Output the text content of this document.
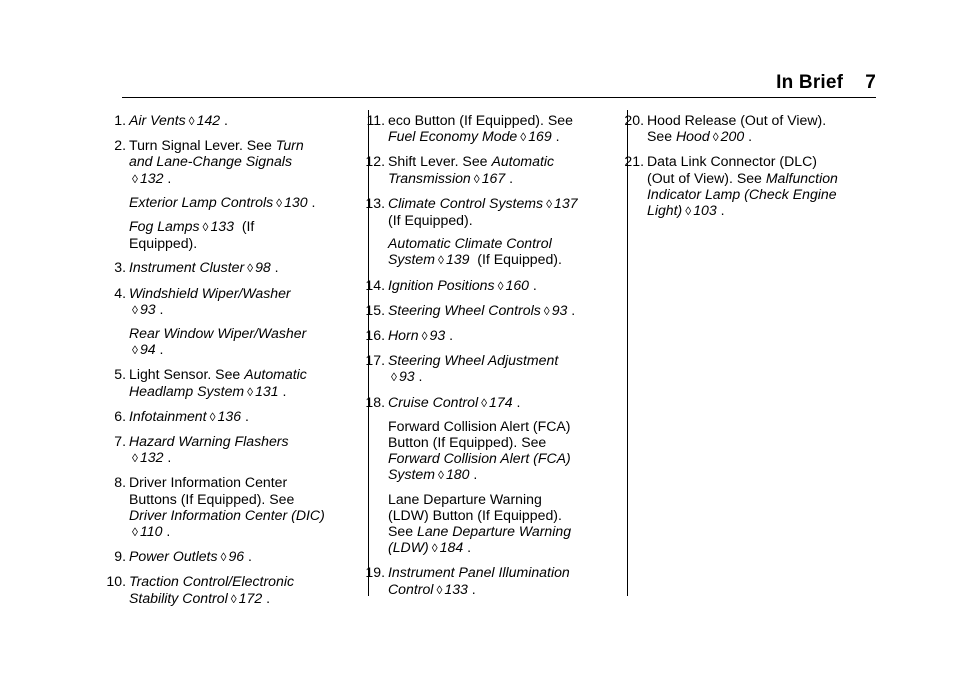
In Brief 7
1. Air Vents ◊ 142 .
2. Turn Signal Lever. See Turn
and Lane-Change Signals
◊ 132 .
Exterior Lamp Controls ◊ 130 .
Fog Lamps ◊ 133 (If
Equipped).
3. Instrument Cluster ◊ 98 .
4. Windshield Wiper/Washer
◊ 93 .
Rear Window Wiper/Washer
◊ 94 .
5. Light Sensor. See Automatic
Headlamp System ◊ 131 .
6. Infotainment ◊ 136 .
7. Hazard Warning Flashers
◊ 132 .
8. Driver Information Center
Buttons (If Equipped). See
Driver Information Center (DIC)
◊ 110 .
9. Power Outlets ◊ 96 .
10. Traction Control/Electronic
Stability Control ◊ 172 .
11. eco Button (If Equipped). See
Fuel Economy Mode ◊ 169 .
12. Shift Lever. See Automatic
Transmission ◊ 167 .
13. Climate Control Systems ◊ 137
(If Equipped).
Automatic Climate Control
System ◊ 139 (If Equipped).
14. Ignition Positions ◊ 160 .
15. Steering Wheel Controls ◊ 93 .
16. Horn ◊ 93 .
17. Steering Wheel Adjustment
◊ 93 .
18. Cruise Control ◊ 174 .
Forward Collision Alert (FCA)
Button (If Equipped). See
Forward Collision Alert (FCA)
System ◊ 180 .
Lane Departure Warning
(LDW) Button (If Equipped).
See Lane Departure Warning
(LDW) ◊ 184 .
19. Instrument Panel Illumination
Control ◊ 133 .
20. Hood Release (Out of View).
See Hood ◊ 200 .
21. Data Link Connector (DLC)
(Out of View). See Malfunction
Indicator Lamp (Check Engine
Light) ◊ 103 .
